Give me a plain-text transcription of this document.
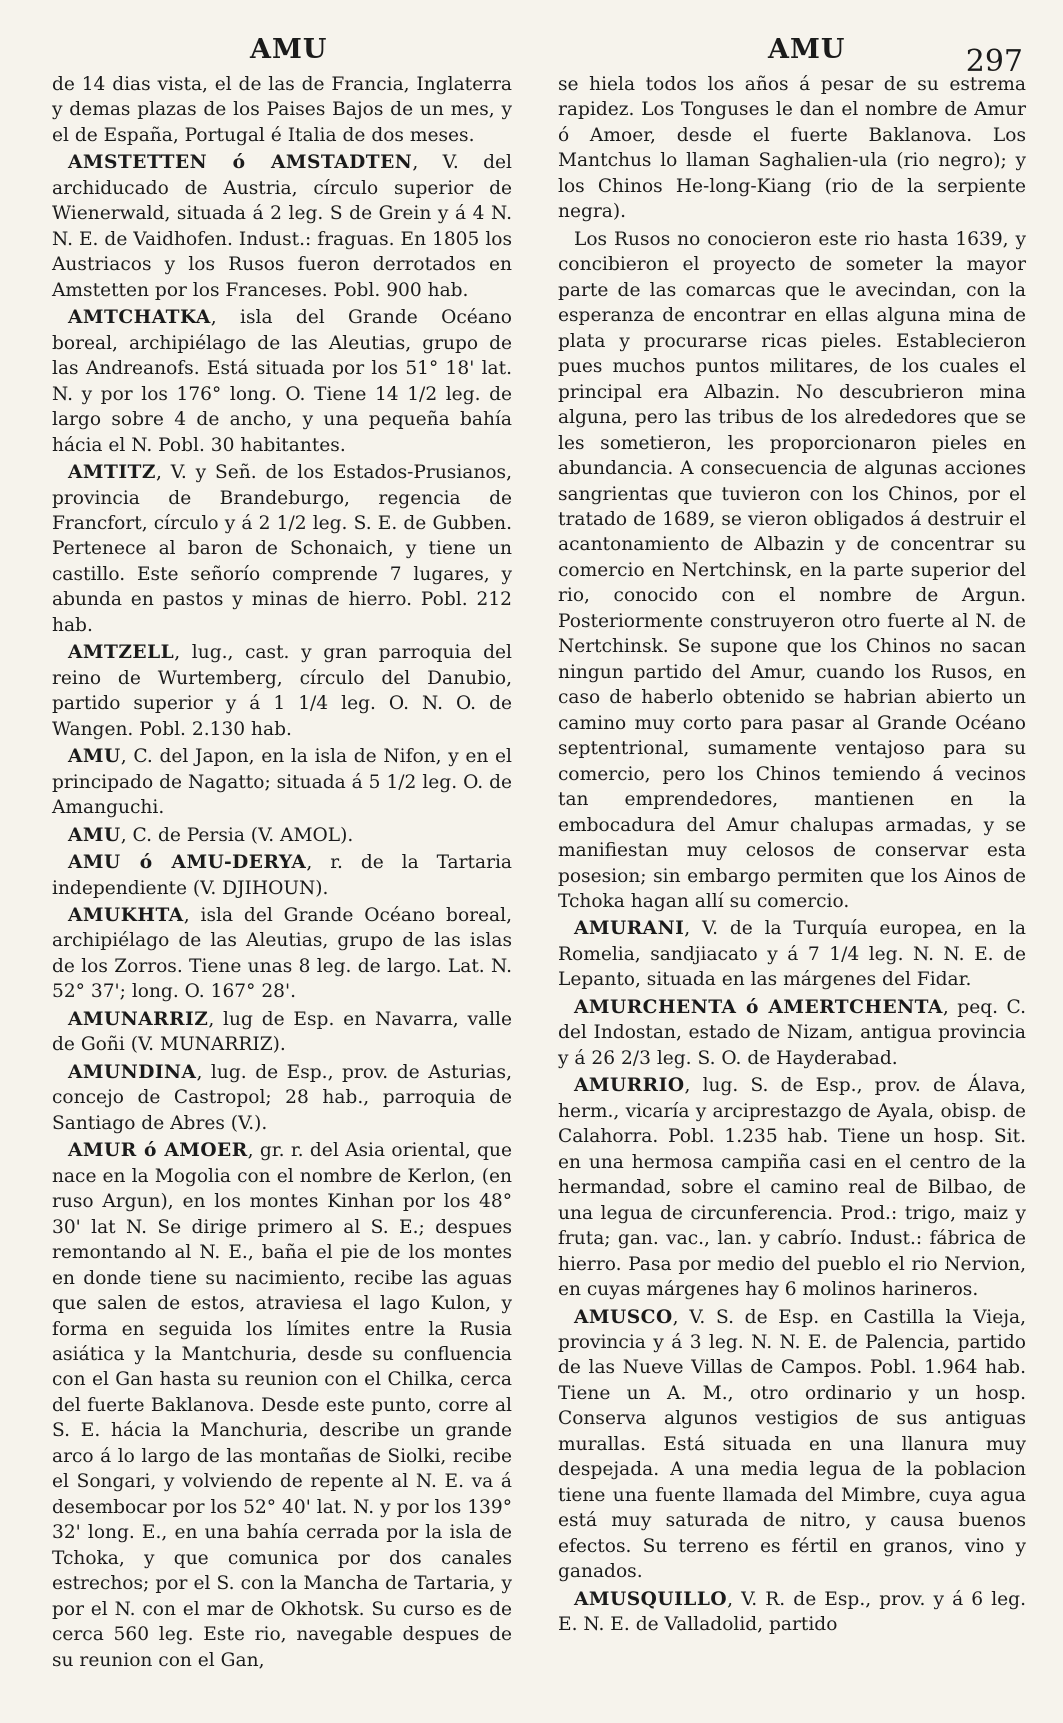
AMU	AMU	297

de 14 dias vista, el de las de Francia, Inglaterra y demas plazas de los Paises Bajos de un mes, y el de España, Portugal é Italia de dos meses.

AMSTETTEN ó AMSTADTEN, V. del archiducado de Austria, círculo superior de Wienerwald, situada á 2 leg. S de Grein y á 4 N. N. E. de Vaidhofen. Indust.: fraguas. En 1805 los Austriacos y los Rusos fueron derrotados en Amstetten por los Franceses. Pobl. 900 hab.

AMTCHATKA, isla del Grande Océano boreal, archipiélago de las Aleutias, grupo de las Andreanofs. Está situada por los 51° 18' lat. N. y por los 176° long. O. Tiene 14 1/2 leg. de largo sobre 4 de ancho, y una pequeña bahía hácia el N. Pobl. 30 habitantes.

AMTITZ, V. y Señ. de los Estados-Prusianos, provincia de Brandeburgo, regencia de Francfort, círculo y á 2 1/2 leg. S. E. de Gubben. Pertenece al baron de Schonaich, y tiene un castillo. Este señorío comprende 7 lugares, y abunda en pastos y minas de hierro. Pobl. 212 hab.

AMTZELL, lug., cast. y gran parroquia del reino de Wurtemberg, círculo del Danubio, partido superior y á 1 1/4 leg. O. N. O. de Wangen. Pobl. 2.130 hab.

AMU, C. del Japon, en la isla de Nifon, y en el principado de Nagatto; situada á 5 1/2 leg. O. de Amanguchi.

AMU, C. de Persia (V. AMOL).

AMU ó AMU-DERYA, r. de la Tartaria independiente (V. DJIHOUN).

AMUKHTA, isla del Grande Océano boreal, archipiélago de las Aleutias, grupo de las islas de los Zorros. Tiene unas 8 leg. de largo. Lat. N. 52° 37'; long. O. 167° 28'.

AMUNARRIZ, lug de Esp. en Navarra, valle de Goñi (V. MUNARRIZ).

AMUNDINA, lug. de Esp., prov. de Asturias, concejo de Castropol; 28 hab., parroquia de Santiago de Abres (V.).

AMUR ó AMOER, gr. r. del Asia oriental, que nace en la Mogolia con el nombre de Kerlon, (en ruso Argun), en los montes Kinhan por los 48° 30' lat N. Se dirige primero al S. E.; despues remontando al N. E., baña el pie de los montes en donde tiene su nacimiento, recibe las aguas que salen de estos, atraviesa el lago Kulon, y forma en seguida los límites entre la Rusia asiática y la Mantchuria, desde su confluencia con el Gan hasta su reunion con el Chilka, cerca del fuerte Baklanova. Desde este punto, corre al S. E. hácia la Manchuria, describe un grande arco á lo largo de las montañas de Siolki, recibe el Songari, y volviendo de repente al N. E. va á desembocar por los 52° 40' lat. N. y por los 139° 32' long. E., en una bahía cerrada por la isla de Tchoka, y que comunica por dos canales estrechos; por el S. con la Mancha de Tartaria, y por el N. con el mar de Okhotsk. Su curso es de cerca 560 leg. Este rio, navegable despues de su reunion con el Gan,

se hiela todos los años á pesar de su estrema rapidez. Los Tonguses le dan el nombre de Amur ó Amoer, desde el fuerte Baklanova. Los Mantchus lo llaman Saghalien-ula (rio negro); y los Chinos He-long-Kiang (rio de la serpiente negra).

Los Rusos no conocieron este rio hasta 1639, y concibieron el proyecto de someter la mayor parte de las comarcas que le avecindan, con la esperanza de encontrar en ellas alguna mina de plata y procurarse ricas pieles. Establecieron pues muchos puntos militares, de los cuales el principal era Albazin. No descubrieron mina alguna, pero las tribus de los alrededores que se les sometieron, les proporcionaron pieles en abundancia. A consecuencia de algunas acciones sangrientas que tuvieron con los Chinos, por el tratado de 1689, se vieron obligados á destruir el acantonamiento de Albazin y de concentrar su comercio en Nertchinsk, en la parte superior del rio, conocido con el nombre de Argun. Posteriormente construyeron otro fuerte al N. de Nertchinsk. Se supone que los Chinos no sacan ningun partido del Amur, cuando los Rusos, en caso de haberlo obtenido se habrian abierto un camino muy corto para pasar al Grande Océano septentrional, sumamente ventajoso para su comercio, pero los Chinos temiendo á vecinos tan emprendedores, mantienen en la embocadura del Amur chalupas armadas, y se manifiestan muy celosos de conservar esta posesion; sin embargo permiten que los Ainos de Tchoka hagan allí su comercio.

AMURANI, V. de la Turquía europea, en la Romelia, sandjiacato y á 7 1/4 leg. N. N. E. de Lepanto, situada en las márgenes del Fidar.

AMURCHENTA ó AMERTCHENTA, peq. C. del Indostan, estado de Nizam, antigua provincia y á 26 2/3 leg. S. O. de Hayderabad.

AMURRIO, lug. S. de Esp., prov. de Álava, herm., vicaría y arciprestazgo de Ayala, obisp. de Calahorra. Pobl. 1.235 hab. Tiene un hosp. Sit. en una hermosa campiña casi en el centro de la hermandad, sobre el camino real de Bilbao, de una legua de circunferencia. Prod.: trigo, maiz y fruta; gan. vac., lan. y cabrío. Indust.: fábrica de hierro. Pasa por medio del pueblo el rio Nervion, en cuyas márgenes hay 6 molinos harineros.

AMUSCO, V. S. de Esp. en Castilla la Vieja, provincia y á 3 leg. N. N. E. de Palencia, partido de las Nueve Villas de Campos. Pobl. 1.964 hab. Tiene un A. M., otro ordinario y un hosp. Conserva algunos vestigios de sus antiguas murallas. Está situada en una llanura muy despejada. A una media legua de la poblacion tiene una fuente llamada del Mimbre, cuya agua está muy saturada de nitro, y causa buenos efectos. Su terreno es fértil en granos, vino y ganados.

AMUSQUILLO, V. R. de Esp., prov. y á 6 leg. E. N. E. de Valladolid, partido
